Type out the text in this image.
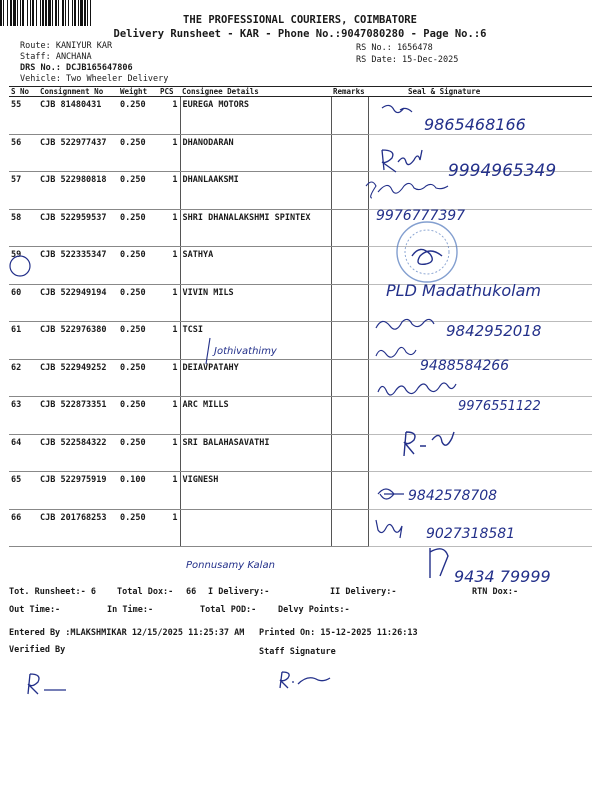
THE PROFESSIONAL COURIERS, COIMBATORE
Delivery Runsheet - KAR - Phone No.:9047080280 - Page No.:6
Route: KANIYUR KAR
Staff: ANCHANA
DRS No.: DCJB165647806
Vehicle: Two Wheeler Delivery
RS No.: 1656478
RS Date: 15-Dec-2025
S No	Consignment No	Weight	PCS	Consignee Details	Remarks	Seal & Signature
55	CJB 81480431	0.250	1	EUREGA MOTORS		
56	CJB 522977437	0.250	1	DHANODARAN		
57	CJB 522980818	0.250	1	DHANLAAKSMI		
58	CJB 522959537	0.250	1	SHRI DHANALAKSHMI SPINTEX		
59	CJB 522335347	0.250	1	SATHYA		
60	CJB 522949194	0.250	1	VIVIN MILS		
61	CJB 522976380	0.250	1	TCSI		
62	CJB 522949252	0.250	1	DEIAVPATAHY		
63	CJB 522873351	0.250	1	ARC MILLS		
64	CJB 522584322	0.250	1	SRI BALAHASAVATHI		
65	CJB 522975919	0.100	1	VIGNESH		
66	CJB 201768253	0.250	1			
9865468166
9994965349
9976777397
PLD Madathukolam
9842952018
Jothivathimy
9488584266
9976551122
9842578708
9027318581
Ponnusamy Kalan
9434 79999
Tot. Runsheet:- 6 Total Dox:- 66 I Delivery:-	II Delivery:-	RTN Dox:-
Out Time:-	In Time:-	Total POD:-	Delvy Points:-
Entered By :MLAKSHMIKAR 12/15/2025 11:25:37 AM Printed On: 15-12-2025 11:26:13
Verified By	Staff Signature
